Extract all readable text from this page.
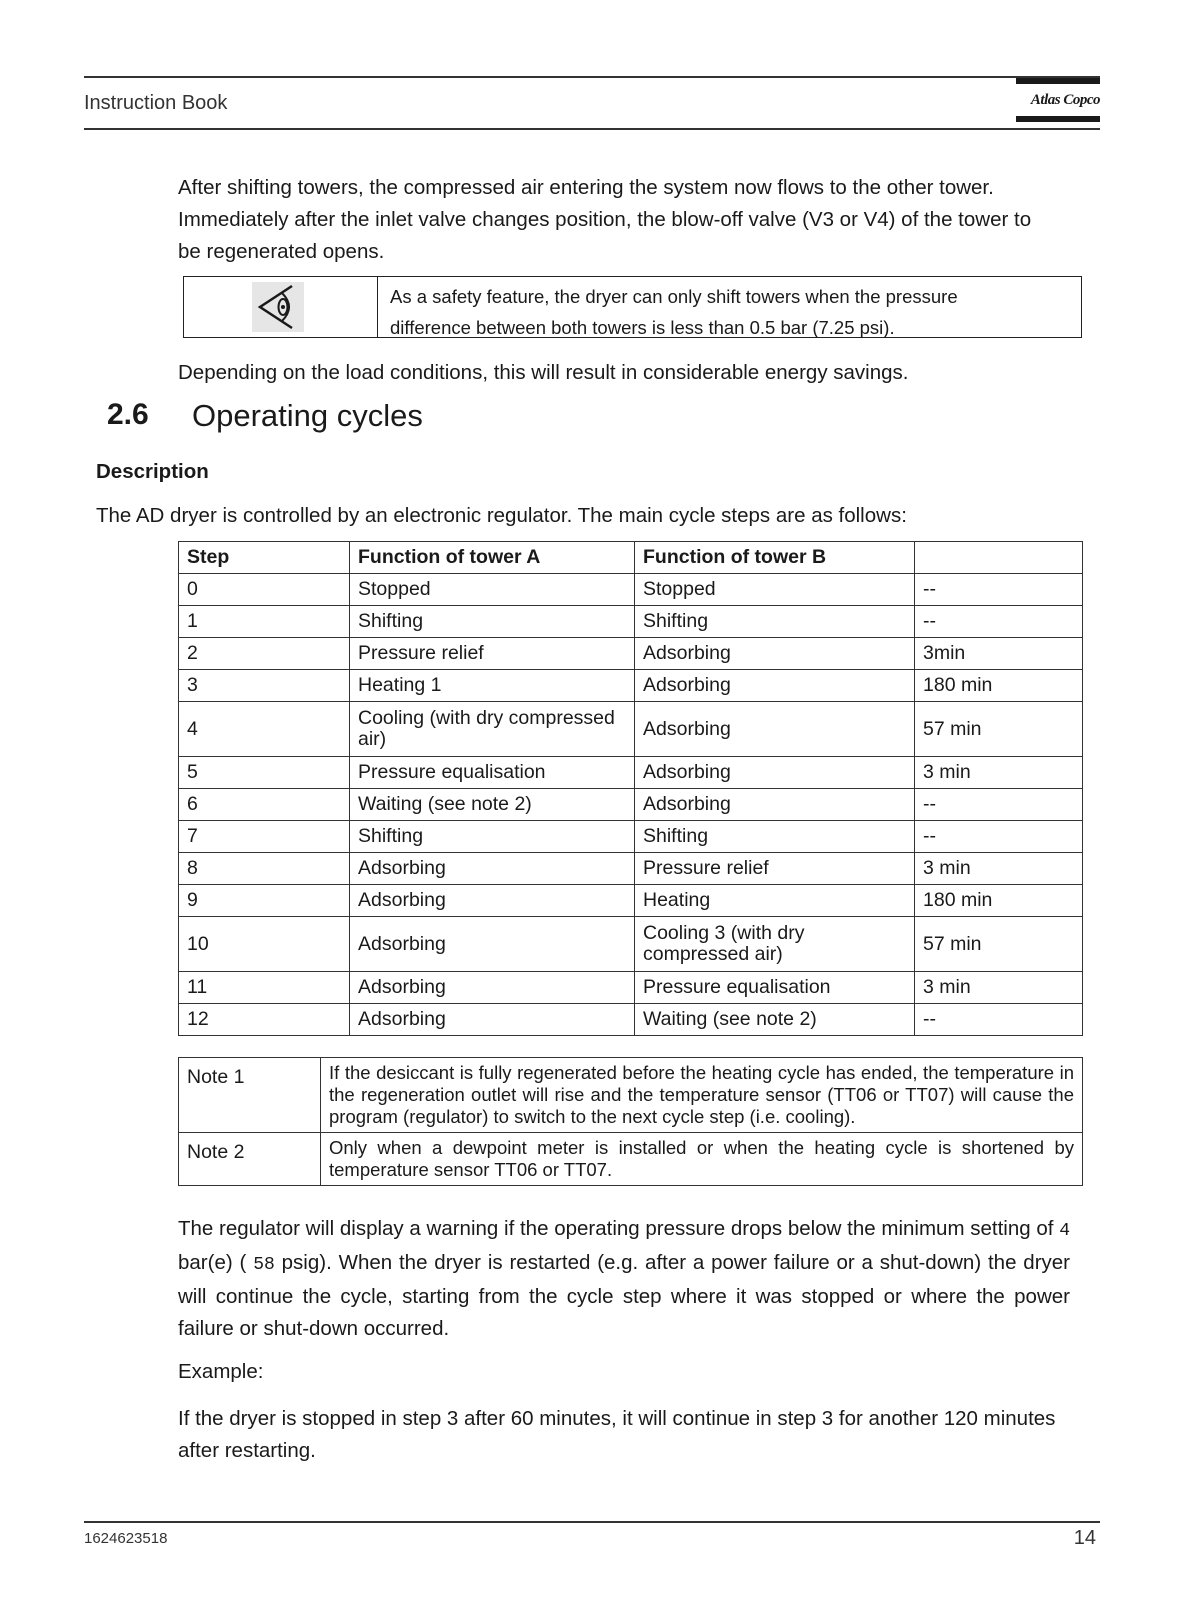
Instruction Book	Atlas Copco
After shifting towers, the compressed air entering the system now flows to the other tower.
Immediately after the inlet valve changes position, the blow-off valve (V3 or V4) of the tower to
be regenerated opens.
As a safety feature, the dryer can only shift towers when the pressure
difference between both towers is less than 0.5 bar (7.25 psi).
Depending on the load conditions, this will result in considerable energy savings.
2.6 Operating cycles
Description
The AD dryer is controlled by an electronic regulator. The main cycle steps are as follows:
Step	Function of tower A	Function of tower B	
0	Stopped	Stopped	--
1	Shifting	Shifting	--
2	Pressure relief	Adsorbing	3min
3	Heating 1	Adsorbing	180 min
4	Cooling (with dry compressed air)	Adsorbing	57 min
5	Pressure equalisation	Adsorbing	3 min
6	Waiting (see note 2)	Adsorbing	--
7	Shifting	Shifting	--
8	Adsorbing	Pressure relief	3 min
9	Adsorbing	Heating	180 min
10	Adsorbing	Cooling 3 (with dry compressed air)	57 min
11	Adsorbing	Pressure equalisation	3 min
12	Adsorbing	Waiting (see note 2)	--
Note 1	If the desiccant is fully regenerated before the heating cycle has ended, the temperature in the regeneration outlet will rise and the temperature sensor (TT06 or TT07) will cause the program (regulator) to switch to the next cycle step (i.e. cooling).
Note 2	Only when a dewpoint meter is installed or when the heating cycle is shortened by temperature sensor TT06 or TT07.
The regulator will display a warning if the operating pressure drops below the minimum setting of 4 bar(e) ( 58 psig). When the dryer is restarted (e.g. after a power failure or a shut-down) the dryer will continue the cycle, starting from the cycle step where it was stopped or where the power failure or shut-down occurred.
Example:
If the dryer is stopped in step 3 after 60 minutes, it will continue in step 3 for another 120 minutes after restarting.
1624623518	14
